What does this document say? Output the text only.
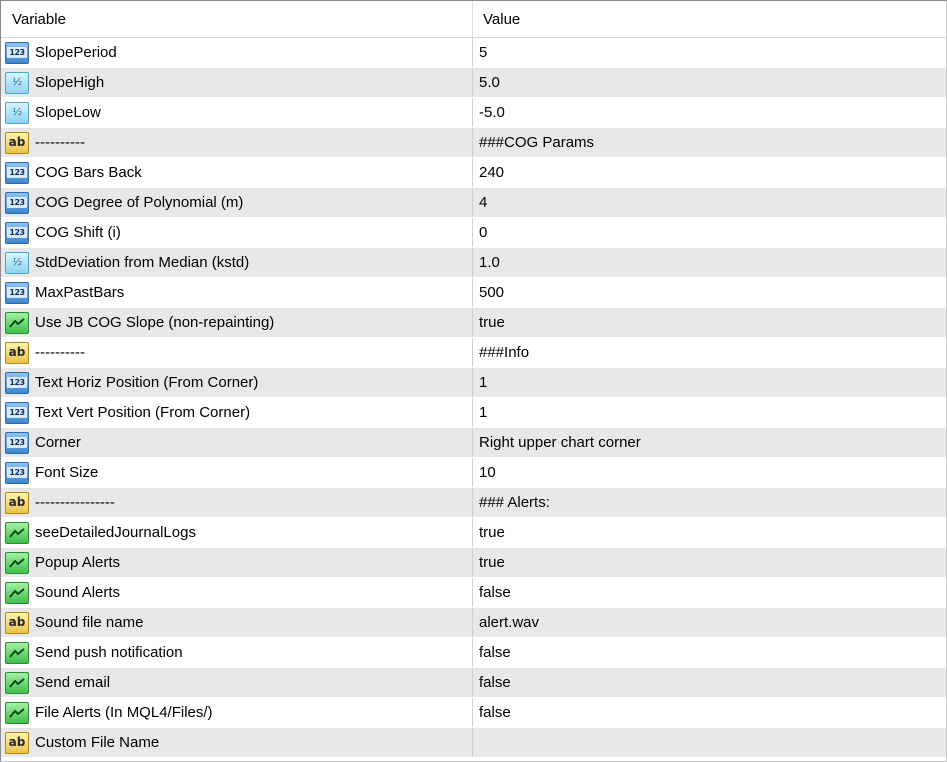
Variable	Value
123 SlopePeriod	5
½ SlopeHigh	5.0
½ SlopeLow	-5.0
ab ----------	###COG Params
123 COG Bars Back	240
123 COG Degree of Polynomial (m)	4
123 COG Shift (i)	0
½ StdDeviation from Median (kstd)	1.0
123 MaxPastBars	500
Use JB COG Slope (non-repainting)	true
ab ----------	###Info
123 Text Horiz Position (From Corner)	1
123 Text Vert Position (From Corner)	1
123 Corner	Right upper chart corner
123 Font Size	10
ab ----------------	### Alerts:
seeDetailedJournalLogs	true
Popup Alerts	true
Sound Alerts	false
ab Sound file name	alert.wav
Send push notification	false
Send email	false
File Alerts (In MQL4/Files/)	false
ab Custom File Name
